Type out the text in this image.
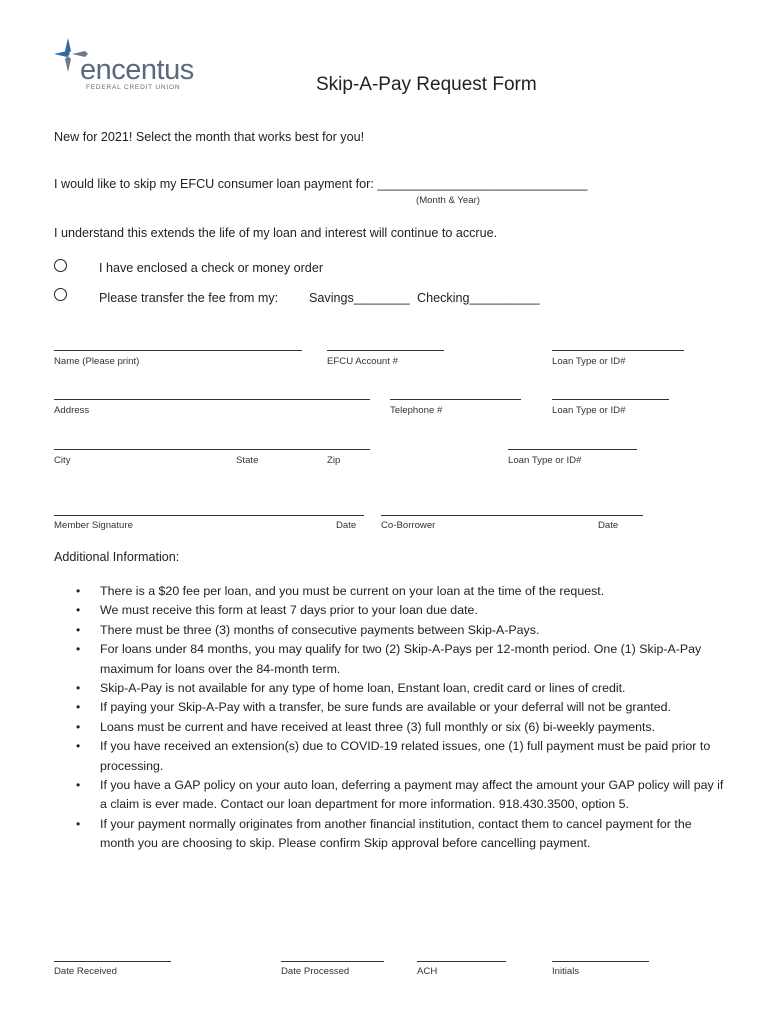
encentus
FEDERAL CREDIT UNION	Skip-A-Pay Request Form
New for 2021! Select the month that works best for you!
I would like to skip my EFCU consumer loan payment for: ______________________________
(Month & Year)
I understand this extends the life of my loan and interest will continue to accrue.
I have enclosed a check or money order
Please transfer the fee from my: Savings________ Checking__________
Name (Please print)	EFCU Account #	Loan Type or ID#
Address	Telephone #	Loan Type or ID#
City	State	Zip	Loan Type or ID#
Member Signature	Date	Co-Borrower	Date
Additional Information:
• There is a $20 fee per loan, and you must be current on your loan at the time of the request.
• We must receive this form at least 7 days prior to your loan due date.
• There must be three (3) months of consecutive payments between Skip-A-Pays.
• For loans under 84 months, you may qualify for two (2) Skip-A-Pays per 12-month period. One (1) Skip-A-Pay maximum for loans over the 84-month term.
• Skip-A-Pay is not available for any type of home loan, Enstant loan, credit card or lines of credit.
• If paying your Skip-A-Pay with a transfer, be sure funds are available or your deferral will not be granted.
• Loans must be current and have received at least three (3) full monthly or six (6) bi-weekly payments.
• If you have received an extension(s) due to COVID-19 related issues, one (1) full payment must be paid prior to processing.
• If you have a GAP policy on your auto loan, deferring a payment may affect the amount your GAP policy will pay if a claim is ever made. Contact our loan department for more information. 918.430.3500, option 5.
• If your payment normally originates from another financial institution, contact them to cancel payment for the month you are choosing to skip. Please confirm Skip approval before cancelling payment.
Date Received	Date Processed	ACH	Initials
